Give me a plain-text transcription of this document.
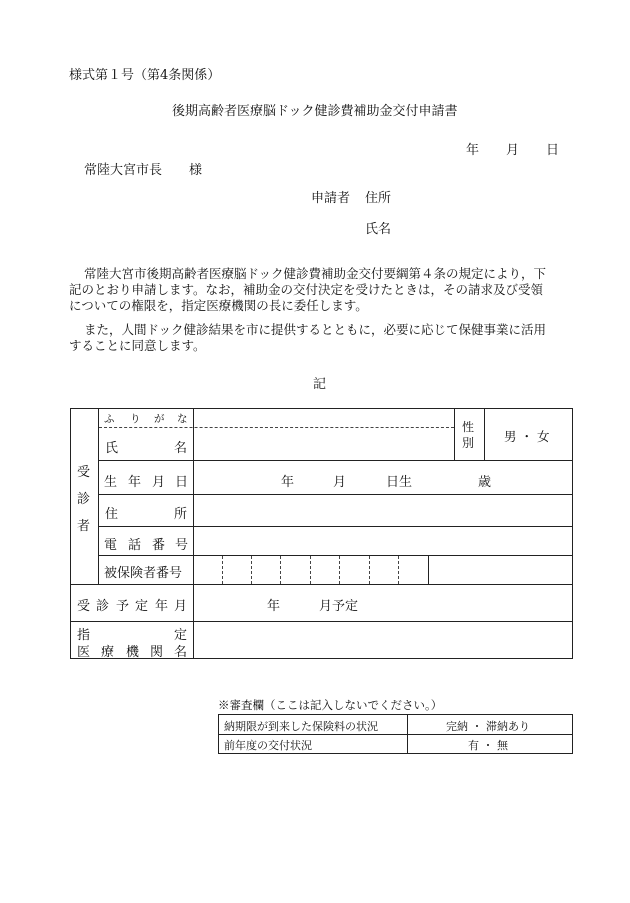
様式第１号（第4条関係）
後期高齢者医療脳ドック健診費補助金交付申請書
年 月 日
常陸大宮市長 様
申請者 住所
氏名
常陸大宮市後期高齢者医療脳ドック健診費補助金交付要綱第４条の規定により，下
記のとおり申請します。なお，補助金の交付決定を受けたときは，その請求及び受領
についての権限を，指定医療機関の長に委任します。
また，人間ドック健診結果を市に提供するとともに，必要に応じて保健事業に活用
することに同意します。
記
受
診
者
ふ り が な
氏	名
性
別 男 ・ 女
生 年 月 日	年	月	日生	歳
住	所
電 話 番 号
被保険者番号
受 診 予 定 年 月	年	月予定
指	定
医 療 機 関 名
※審査欄（ここは記入しないでください。）
納期限が到来した保険料の状況	完納 ・ 滞納あり
前年度の交付状況	有 ・ 無
